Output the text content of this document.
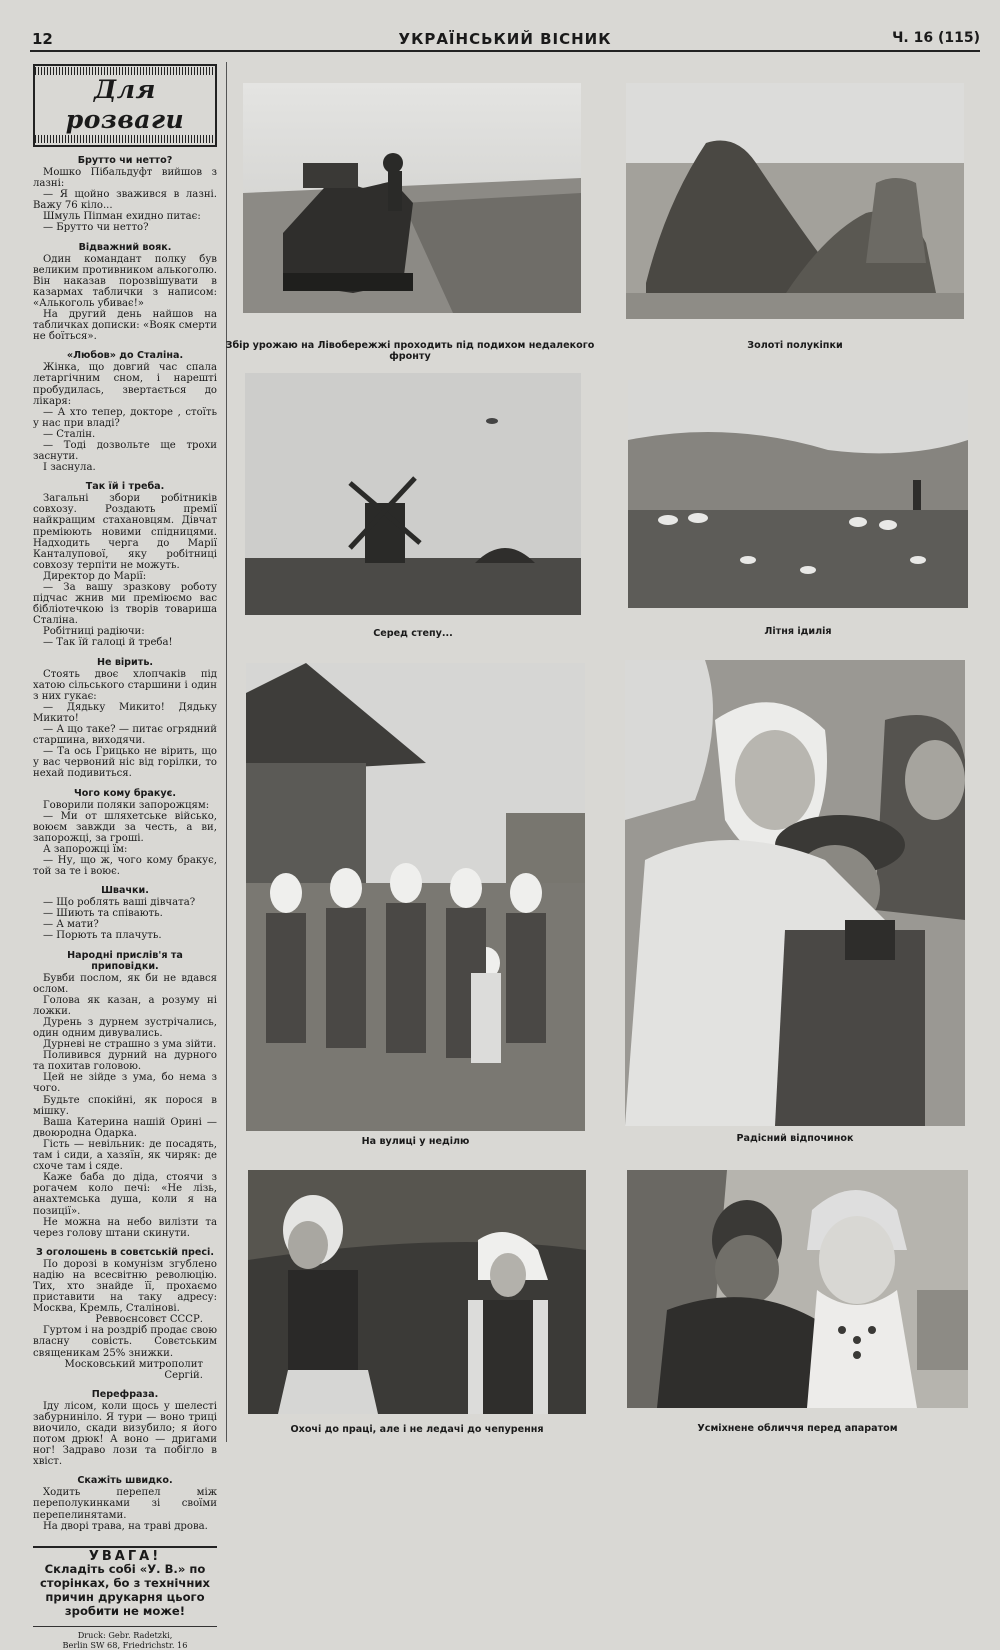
12	УКРАЇНСЬКИЙ ВІСНИК	Ч. 16 (115)
Для розваги
Брутто чи нетто?

Мошко Пібальдуфт вийшов з лазні:

— Я щойно зважився в лазні. Важу 76 кіло...

Шмуль Піпман ехидно питає:

— Брутто чи нетто?

Відважний вояк.

Один командант полку був великим противником алькоголю. Він наказав порозвішувати в казармах таблички з написом: «Алькоголь убиває!»

На другий день найшов на табличках дописки: «Вояк смерти не боїться».

«Любов» до Сталіна.

Жінка, що довгий час спала летаргічним сном, і нарешті пробудилась, звертається до лікаря:

— А хто тепер, докторе , стоїть у нас при владі?

— Сталін.

— Тоді дозвольте ще трохи заснути.

І заснула.

Так їй і треба.

Загальні збори робітників совхозу. Роздають премії найкращим стахановцям. Дівчат преміюють новими спідницями. Надходить черга до Марії Канталупової, яку робітниці совхозу терпіти не можуть.

Директор до Марії:

— За вашу зразкову роботу підчас жнив ми преміюємо вас бібліотечкою із творів товариша Сталіна.

Робітниці радіючи:

— Так їй галоці й треба!

Не вірить.

Стоять двоє хлопчаків під хатою сільського старшини і один з них гукає:

— Дядьку Микито! Дядьку Микито!

— А що таке? — питає огрядний старшина, виходячи.

— Та ось Грицько не вірить, що у вас червоний ніс від горілки, то нехай подивиться.

Чого кому бракує.

Говорили поляки запорожцям:

— Ми от шляхетське військо, воюєм завжди за честь, а ви, запорожці, за гроші.

А запорожці їм:

— Ну, що ж, чого кому бракує, той за те і воює.

Швачки.

— Що роблять ваші дівчата?

— Шиють та співають.

— А мати?

— Порють та плачуть.

Народні прислів'я та приповідки.

Бувби послом, як би не вдався ослом.

Голова як казан, а розуму ні ложки.

Дурень з дурнем зустрічались, один одним дивувались.

Дурневі не страшно з ума зійти.

Поливився дурний на дурного та похитав головою.

Цей не зійде з ума, бо нема з чого.

Будьте спокійні, як порося в мішку.

Ваша Катерина нашій Орині — двоюродна Одарка.

Гість — невільник: де посадять, там і сиди, а хазяїн, як чиряк: де схоче там і сяде.

Каже баба до діда, стоячи з рогачем коло печі: «Не лізь, анахтемська душа, коли я на позиції».

Не можна на небо вилізти та через голову штани скинути.

З оголошень в совєтській пресі.

По дорозі в комунізм згублено надію на всесвітню революцію. Тих, хто знайде її, прохаємо приставити на таку адресу: Москва, Кремль, Сталінові.

Реввоєнсовєт СССР.

Гуртом і на роздріб продає свою власну совість. Совєтським священикам 25% знижки.

Московський митрополит Сергій.

Перефраза.

Іду лісом, коли щось у шелесті забурниніло. Я тури — воно триці виочило, скади визубило; я його потом дрюк! А воно — дригами ног! Задраво лози та побігло в хвіст.

Скажіть швидко.

Ходить перепел між переполукинками зі своїми перепелинятами.

На дворі трава, на траві дрова.

УВАГА!
Складіть собі «У. В.» по сторінках, бо з технічних причин друкарня цього зробити не може!
Druck: Gebr. Radetzki,
Berlin SW 68, Friedrichstr. 16
Збір урожаю на Лівобережжі проходить під подихом недалекого фронту
Золоті полукіпки
Серед степу...	Літня ідилія
На вулиці у неділю	Радісний відпочинок
Охочі до праці, але і не ледачі до чепурення	Усміхнене обличчя перед апаратом
